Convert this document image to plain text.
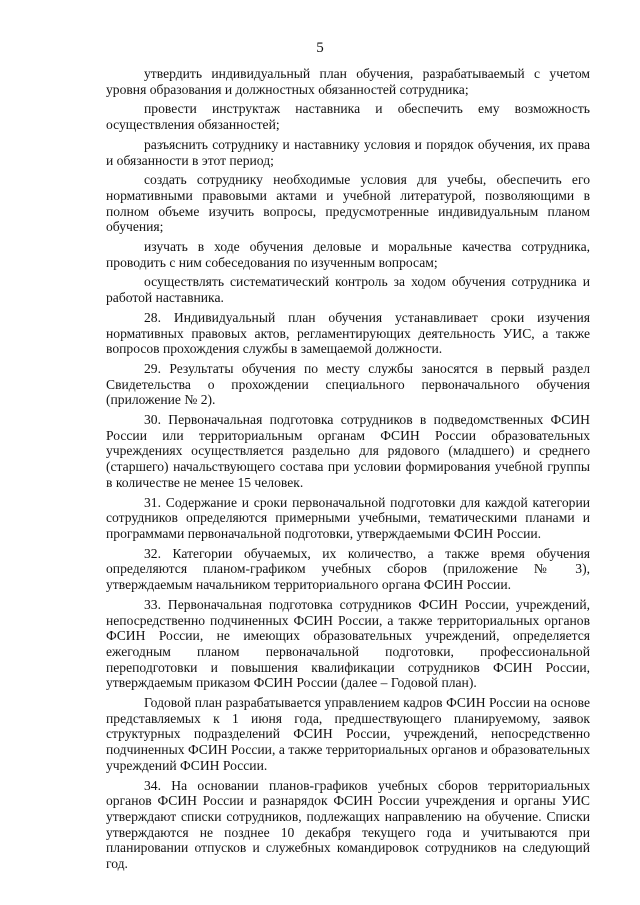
5

утвердить индивидуальный план обучения, разрабатываемый с учетом уровня образования и должностных обязанностей сотрудника;

провести инструктаж наставника и обеспечить ему возможность осуществления обязанностей;

разъяснить сотруднику и наставнику условия и порядок обучения, их права и обязанности в этот период;

создать сотруднику необходимые условия для учебы, обеспечить его нормативными правовыми актами и учебной литературой, позволяющими в полном объеме изучить вопросы, предусмотренные индивидуальным планом обучения;

изучать в ходе обучения деловые и моральные качества сотрудника, проводить с ним собеседования по изученным вопросам;

осуществлять систематический контроль за ходом обучения сотрудника и работой наставника.

28. Индивидуальный план обучения устанавливает сроки изучения нормативных правовых актов, регламентирующих деятельность УИС, а также вопросов прохождения службы в замещаемой должности.

29. Результаты обучения по месту службы заносятся в первый раздел Свидетельства о прохождении специального первоначального обучения (приложение № 2).

30. Первоначальная подготовка сотрудников в подведомственных ФСИН России или территориальным органам ФСИН России образовательных учреждениях осуществляется раздельно для рядового (младшего) и среднего (старшего) начальствующего состава при условии формирования учебной группы в количестве не менее 15 человек.

31. Содержание и сроки первоначальной подготовки для каждой категории сотрудников определяются примерными учебными, тематическими планами и программами первоначальной подготовки, утверждаемыми ФСИН России.

32. Категории обучаемых, их количество, а также время обучения определяются планом-графиком учебных сборов (приложение № 3), утверждаемым начальником территориального органа ФСИН России.

33. Первоначальная подготовка сотрудников ФСИН России, учреждений, непосредственно подчиненных ФСИН России, а также территориальных органов ФСИН России, не имеющих образовательных учреждений, определяется ежегодным планом первоначальной подготовки, профессиональной переподготовки и повышения квалификации сотрудников ФСИН России, утверждаемым приказом ФСИН России (далее – Годовой план).

Годовой план разрабатывается управлением кадров ФСИН России на основе представляемых к 1 июня года, предшествующего планируемому, заявок структурных подразделений ФСИН России, учреждений, непосредственно подчиненных ФСИН России, а также территориальных органов и образовательных учреждений ФСИН России.

34. На основании планов-графиков учебных сборов территориальных органов ФСИН России и разнарядок ФСИН России учреждения и органы УИС утверждают списки сотрудников, подлежащих направлению на обучение. Списки утверждаются не позднее 10 декабря текущего года и учитываются при планировании отпусков и служебных командировок сотрудников на следующий год.
